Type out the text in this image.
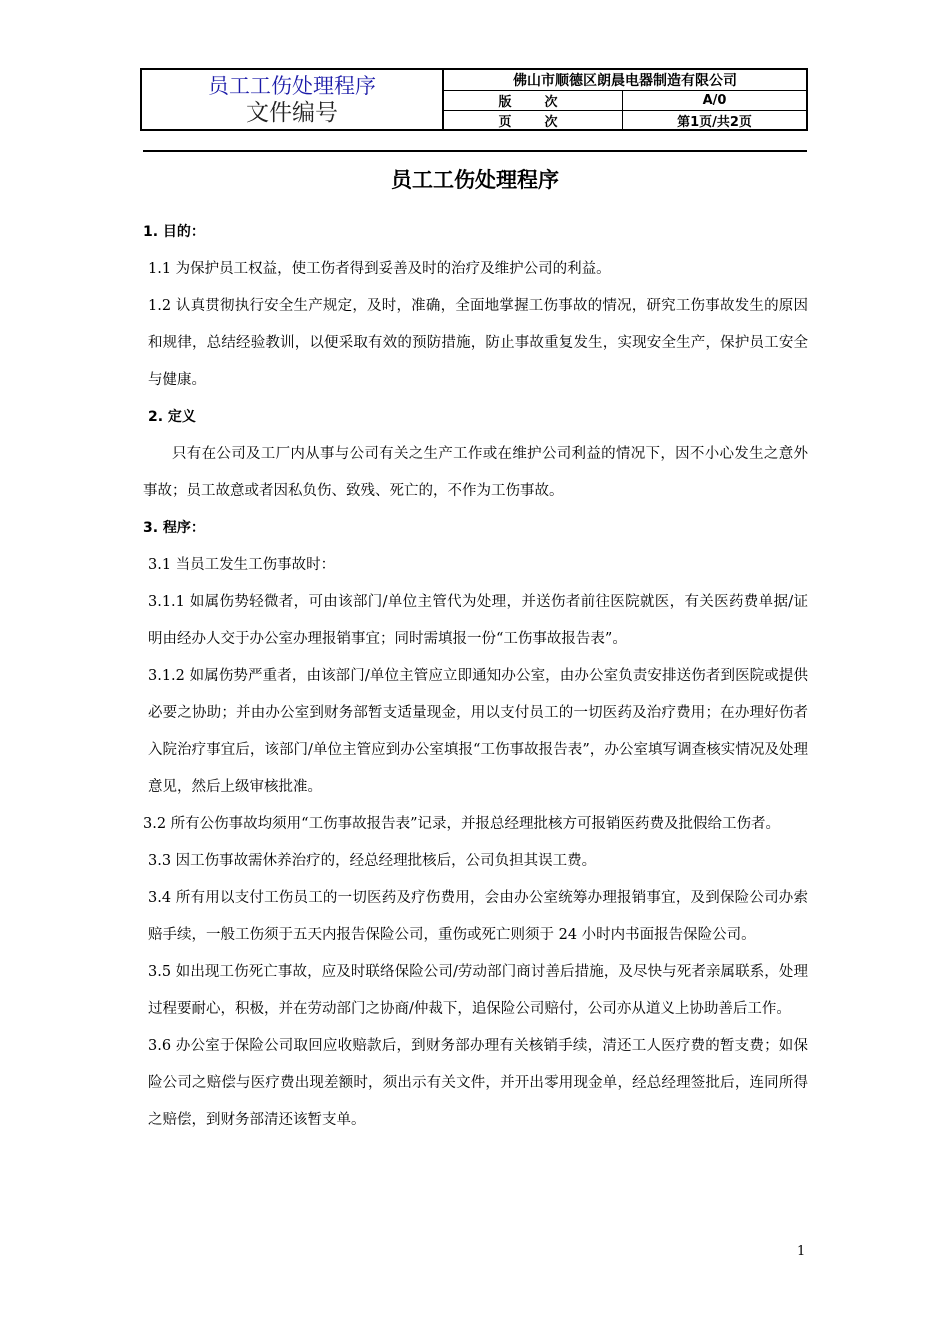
员工工伤处理程序
文件编号
佛山市顺德区朗晨电器制造有限公司
版　次	A/0
页　次	第1页/共2页
员工工伤处理程序

1. 目的：

1.1 为保护员工权益，使工伤者得到妥善及时的治疗及维护公司的利益。

1.2 认真贯彻执行安全生产规定，及时，准确，全面地掌握工伤事故的情况，研究工伤事故发生的原因和规律，总结经验教训，以便采取有效的预防措施，防止事故重复发生，实现安全生产，保护员工安全与健康。

2. 定义

只有在公司及工厂内从事与公司有关之生产工作或在维护公司利益的情况下，因不小心发生之意外事故；员工故意或者因私负伤、致残、死亡的，不作为工伤事故。

3. 程序：

3.1 当员工发生工伤事故时：

3.1.1 如属伤势轻微者，可由该部门/单位主管代为处理，并送伤者前往医院就医，有关医药费单据/证明由经办人交于办公室办理报销事宜；同时需填报一份“工伤事故报告表”。

3.1.2 如属伤势严重者，由该部门/单位主管应立即通知办公室，由办公室负责安排送伤者到医院或提供必要之协助；并由办公室到财务部暂支适量现金，用以支付员工的一切医药及治疗费用；在办理好伤者入院治疗事宜后，该部门/单位主管应到办公室填报“工伤事故报告表”，办公室填写调查核实情况及处理意见，然后上级审核批准。

3.2 所有公伤事故均须用“工伤事故报告表”记录，并报总经理批核方可报销医药费及批假给工伤者。

3.3 因工伤事故需休养治疗的，经总经理批核后，公司负担其误工费。

3.4 所有用以支付工伤员工的一切医药及疗伤费用，会由办公室统筹办理报销事宜，及到保险公司办索赔手续，一般工伤须于五天内报告保险公司，重伤或死亡则须于 24 小时内书面报告保险公司。

3.5 如出现工伤死亡事故，应及时联络保险公司/劳动部门商讨善后措施，及尽快与死者亲属联系，处理过程要耐心，积极，并在劳动部门之协商/仲裁下，追保险公司赔付，公司亦从道义上协助善后工作。

3.6 办公室于保险公司取回应收赔款后，到财务部办理有关核销手续，清还工人医疗费的暂支费；如保险公司之赔偿与医疗费出现差额时，须出示有关文件，并开出零用现金单，经总经理签批后，连同所得之赔偿，到财务部清还该暂支单。

1
